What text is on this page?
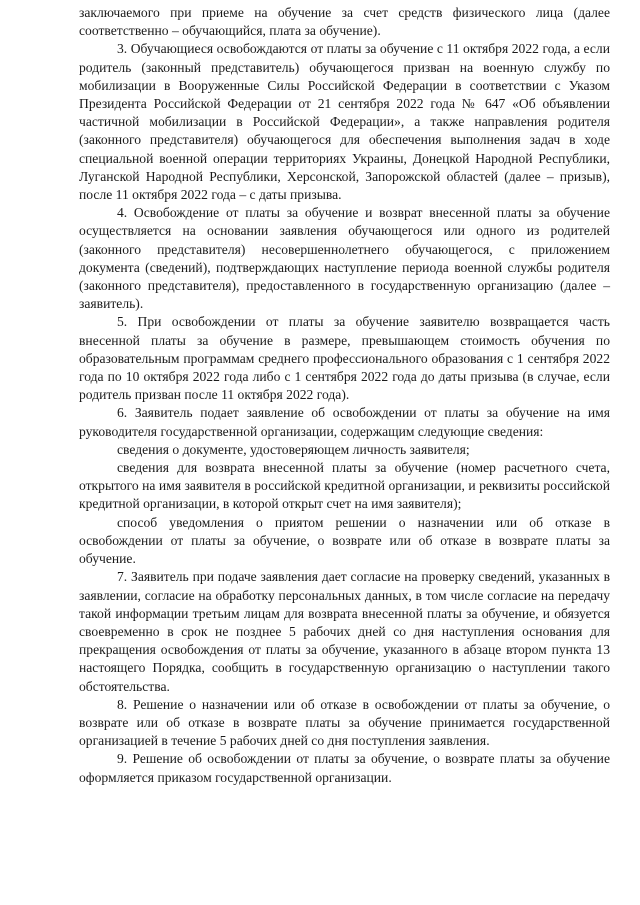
заключаемого при приеме на обучение за счет средств физического лица (далее соответственно – обучающийся, плата за обучение).

3. Обучающиеся освобождаются от платы за обучение с 11 октября 2022 года, а если родитель (законный представитель) обучающегося призван на военную службу по мобилизации в Вооруженные Силы Российской Федерации в соответствии с Указом Президента Российской Федерации от 21 сентября 2022 года № 647 «Об объявлении частичной мобилизации в Российской Федерации», а также направления родителя (законного представителя) обучающегося для обеспечения выполнения задач в ходе специальной военной операции территориях Украины, Донецкой Народной Республики, Луганской Народной Республики, Херсонской, Запорожской областей (далее – призыв), после 11 октября 2022 года – с даты призыва.

4. Освобождение от платы за обучение и возврат внесенной платы за обучение осуществляется на основании заявления обучающегося или одного из родителей (законного представителя) несовершеннолетнего обучающегося, с приложением документа (сведений), подтверждающих наступление периода военной службы родителя (законного представителя), предоставленного в государственную организацию (далее – заявитель).

5. При освобождении от платы за обучение заявителю возвращается часть внесенной платы за обучение в размере, превышающем стоимость обучения по образовательным программам среднего профессионального образования с 1 сентября 2022 года по 10 октября 2022 года либо с 1 сентября 2022 года до даты призыва (в случае, если родитель призван после 11 октября 2022 года).

6. Заявитель подает заявление об освобождении от платы за обучение на имя руководителя государственной организации, содержащим следующие сведения:

сведения о документе, удостоверяющем личность заявителя;

сведения для возврата внесенной платы за обучение (номер расчетного счета, открытого на имя заявителя в российской кредитной организации, и реквизиты российской кредитной организации, в которой открыт счет на имя заявителя);

способ уведомления о приятом решении о назначении или об отказе в освобождении от платы за обучение, о возврате или об отказе в возврате платы за обучение.

7. Заявитель при подаче заявления дает согласие на проверку сведений, указанных в заявлении, согласие на обработку персональных данных, в том числе согласие на передачу такой информации третьим лицам для возврата внесенной платы за обучение, и обязуется своевременно в срок не позднее 5 рабочих дней со дня наступления основания для прекращения освобождения от платы за обучение, указанного в абзаце втором пункта 13 настоящего Порядка, сообщить в государственную организацию о наступлении такого обстоятельства.

8. Решение о назначении или об отказе в освобождении от платы за обучение, о возврате или об отказе в возврате платы за обучение принимается государственной организацией в течение 5 рабочих дней со дня поступления заявления.

9. Решение об освобождении от платы за обучение, о возврате платы за обучение оформляется приказом государственной организации.
